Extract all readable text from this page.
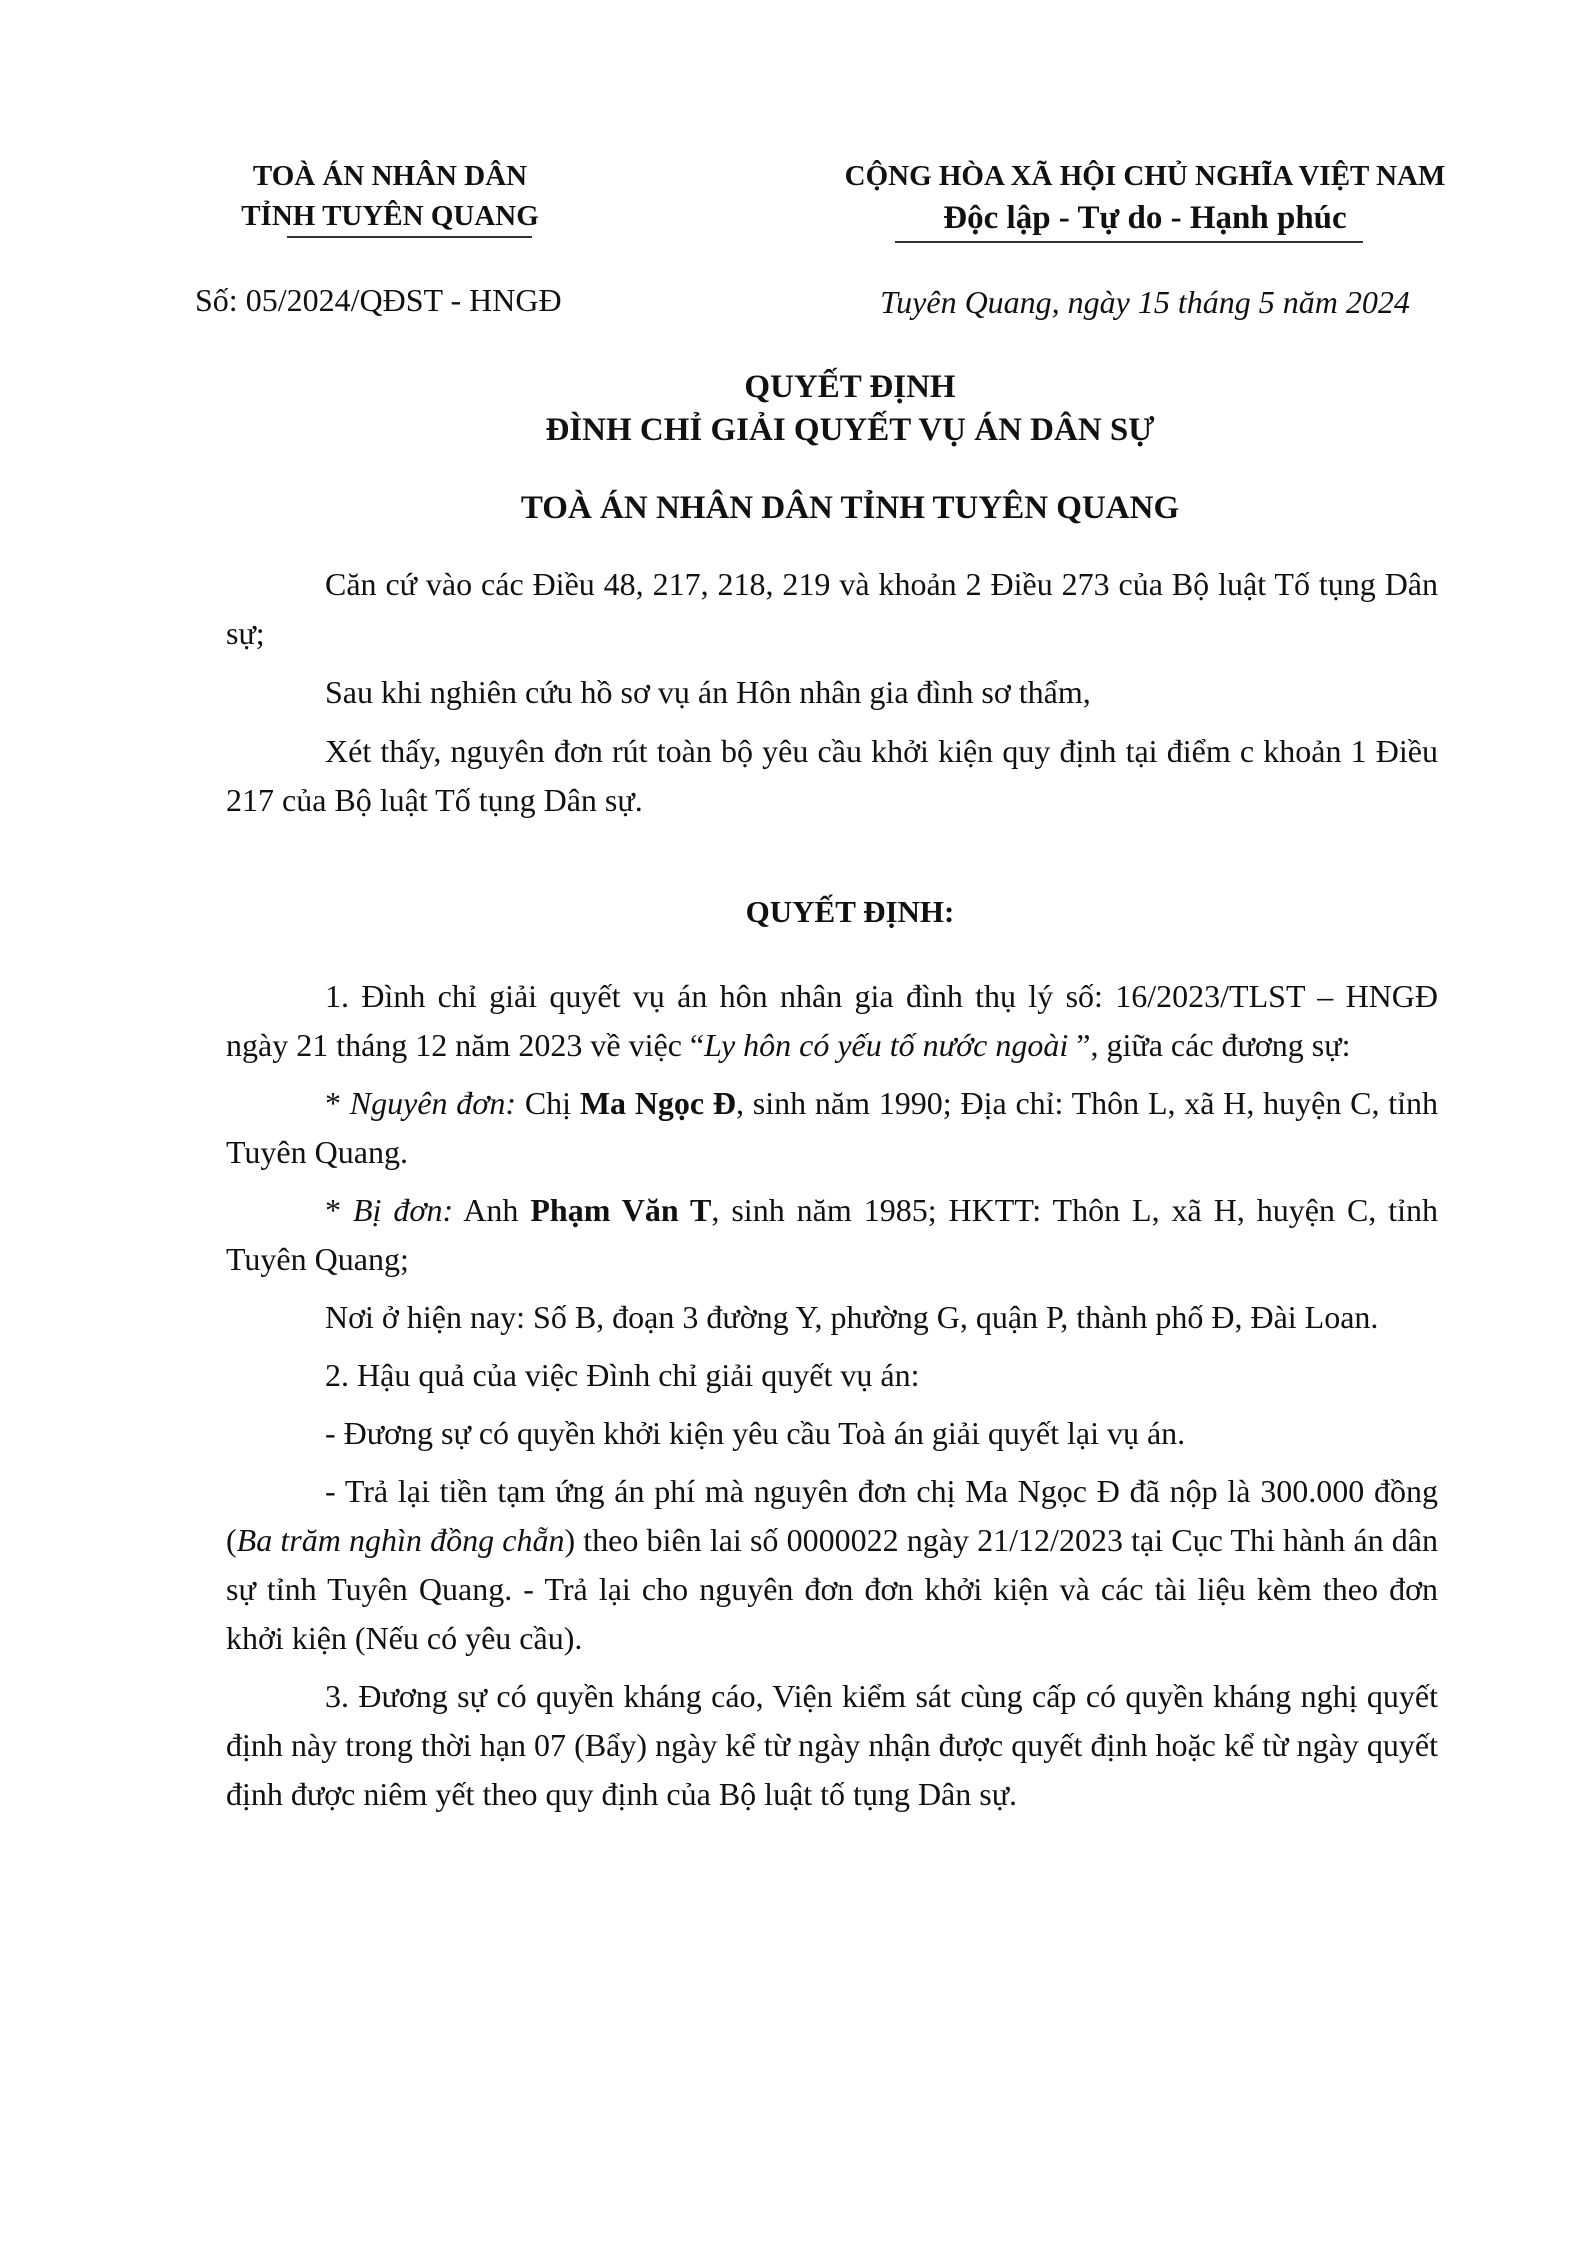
TOÀ ÁN NHÂN DÂN
TỈNH TUYÊN QUANG
CỘNG HÒA XÃ HỘI CHỦ NGHĨA VIỆT NAM
Độc lập - Tự do - Hạnh phúc
Số: 05/2024/QĐST - HNGĐ	Tuyên Quang, ngày 15 tháng 5 năm 2024
QUYẾT ĐỊNH
ĐÌNH CHỈ GIẢI QUYẾT VỤ ÁN DÂN SỰ
TOÀ ÁN NHÂN DÂN TỈNH TUYÊN QUANG

Căn cứ vào các Điều 48, 217, 218, 219 và khoản 2 Điều 273 của Bộ luật Tố tụng Dân sự;

Sau khi nghiên cứu hồ sơ vụ án Hôn nhân gia đình sơ thẩm,

Xét thấy, nguyên đơn rút toàn bộ yêu cầu khởi kiện quy định tại điểm c khoản 1 Điều 217 của Bộ luật Tố tụng Dân sự.

QUYẾT ĐỊNH:

1. Đình chỉ giải quyết vụ án hôn nhân gia đình thụ lý số: 16/2023/TLST – HNGĐ ngày 21 tháng 12 năm 2023 về việc “Ly hôn có yếu tố nước ngoài ”, giữa các đương sự:

* Nguyên đơn: Chị Ma Ngọc Đ, sinh năm 1990; Địa chỉ: Thôn L, xã H, huyện C, tỉnh Tuyên Quang.

* Bị đơn: Anh Phạm Văn T, sinh năm 1985; HKTT: Thôn L, xã H, huyện C, tỉnh Tuyên Quang;

Nơi ở hiện nay: Số B, đoạn 3 đường Y, phường G, quận P, thành phố Đ, Đài Loan.

2. Hậu quả của việc Đình chỉ giải quyết vụ án:

- Đương sự có quyền khởi kiện yêu cầu Toà án giải quyết lại vụ án.

- Trả lại tiền tạm ứng án phí mà nguyên đơn chị Ma Ngọc Đ đã nộp là 300.000 đồng (Ba trăm nghìn đồng chẵn) theo biên lai số 0000022 ngày 21/12/2023 tại Cục Thi hành án dân sự tỉnh Tuyên Quang. - Trả lại cho nguyên đơn đơn khởi kiện và các tài liệu kèm theo đơn khởi kiện (Nếu có yêu cầu).

3. Đương sự có quyền kháng cáo, Viện kiểm sát cùng cấp có quyền kháng nghị quyết định này trong thời hạn 07 (Bẩy) ngày kể từ ngày nhận được quyết định hoặc kể từ ngày quyết định được niêm yết theo quy định của Bộ luật tố tụng Dân sự.
